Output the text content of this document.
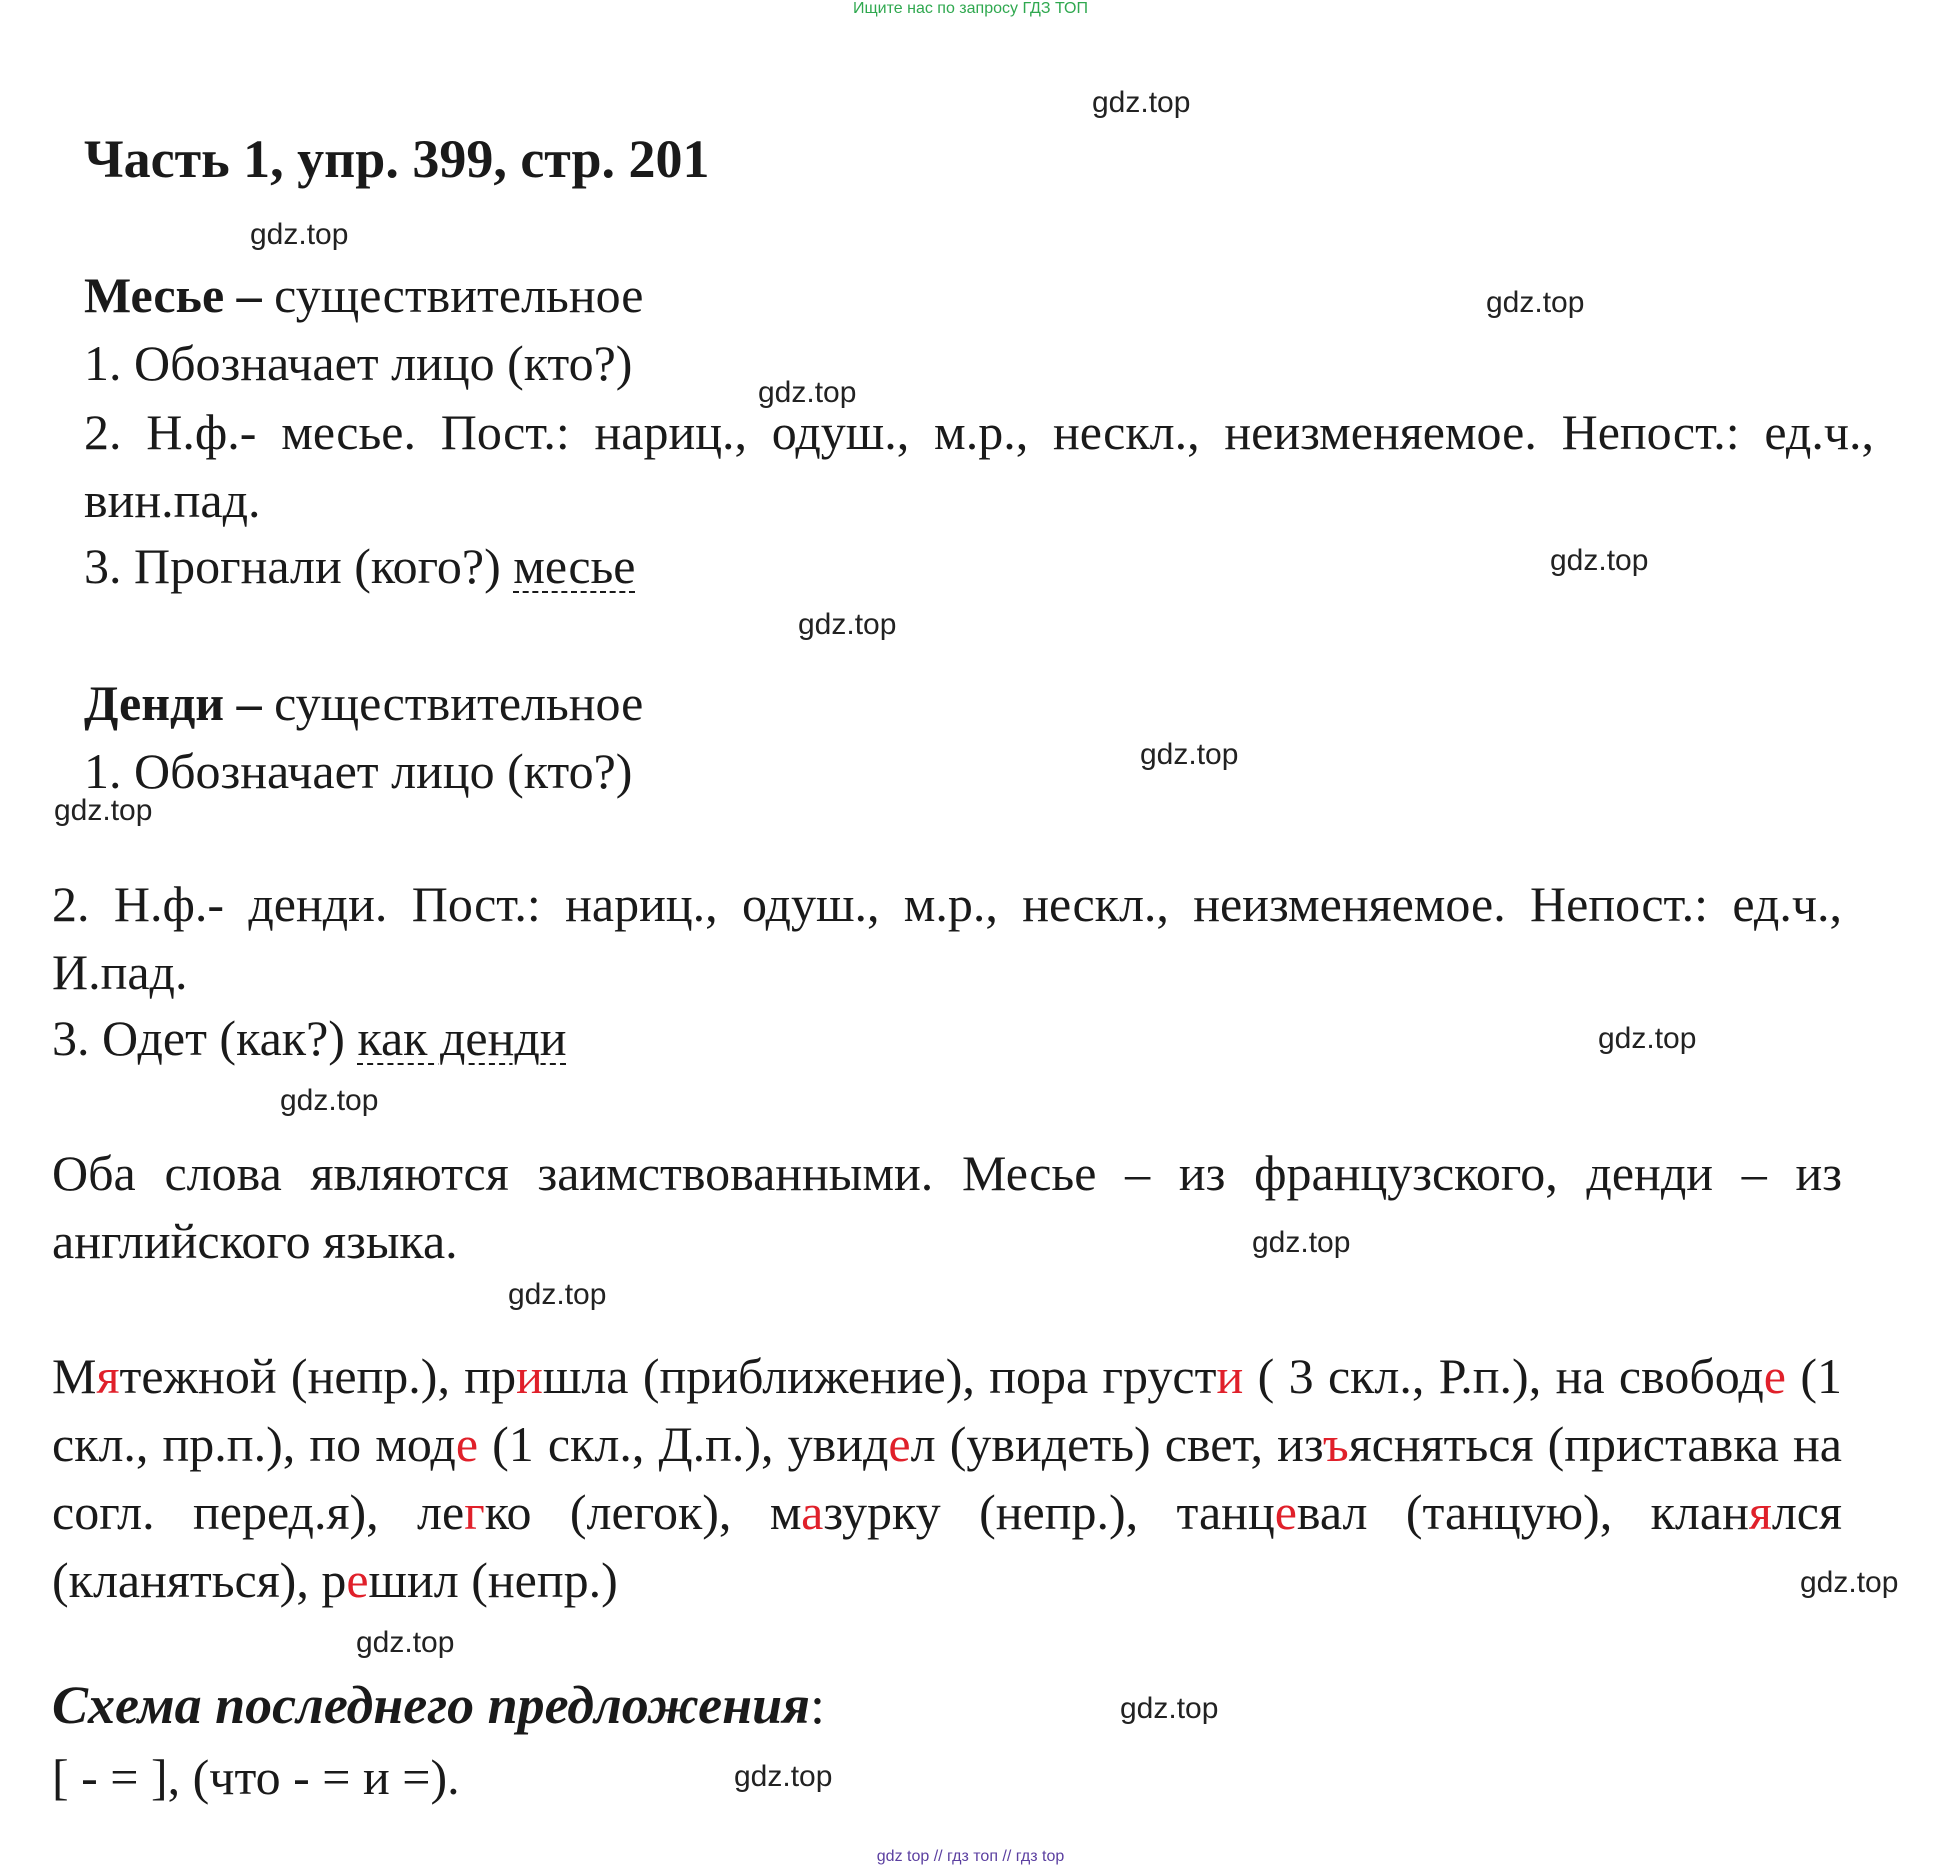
Ищите нас по запросу ГДЗ ТОП
Часть 1, упр. 399, стр. 201
Месье – существительное
1. Обозначает лицо (кто?)
2. Н.ф.- месье. Пост.: нариц., одуш., м.р., нескл., неизменяемое. Непост.: ед.ч., вин.пад.
3. Прогнали (кого?) месье
Денди – существительное
1. Обозначает лицо (кто?)
2. Н.ф.- денди. Пост.: нариц., одуш., м.р., нескл., неизменяемое. Непост.: ед.ч., И.пад.
3. Одет (как?) как денди
Оба слова являются заимствованными. Месье – из французского, денди – из английского языка.
Мятежной (непр.), пришла (приближение), пора грусти ( 3 скл., Р.п.), на свободе (1 скл., пр.п.), по моде (1 скл., Д.п.), увидел (увидеть) свет, изъясняться (приставка на согл. перед.я), легко (легок), мазурку (непр.), танцевал (танцую), кланялся (кланяться), решил (непр.)
Схема последнего предложения:
[ - = ], (что - = и =).
gdz.top
gdz.top
gdz.top
gdz.top
gdz.top
gdz.top
gdz.top
gdz.top
gdz.top
gdz.top
gdz.top
gdz.top
gdz.top
gdz.top
gdz.top
gdz.top
gdz top // гдз топ // гдз top
